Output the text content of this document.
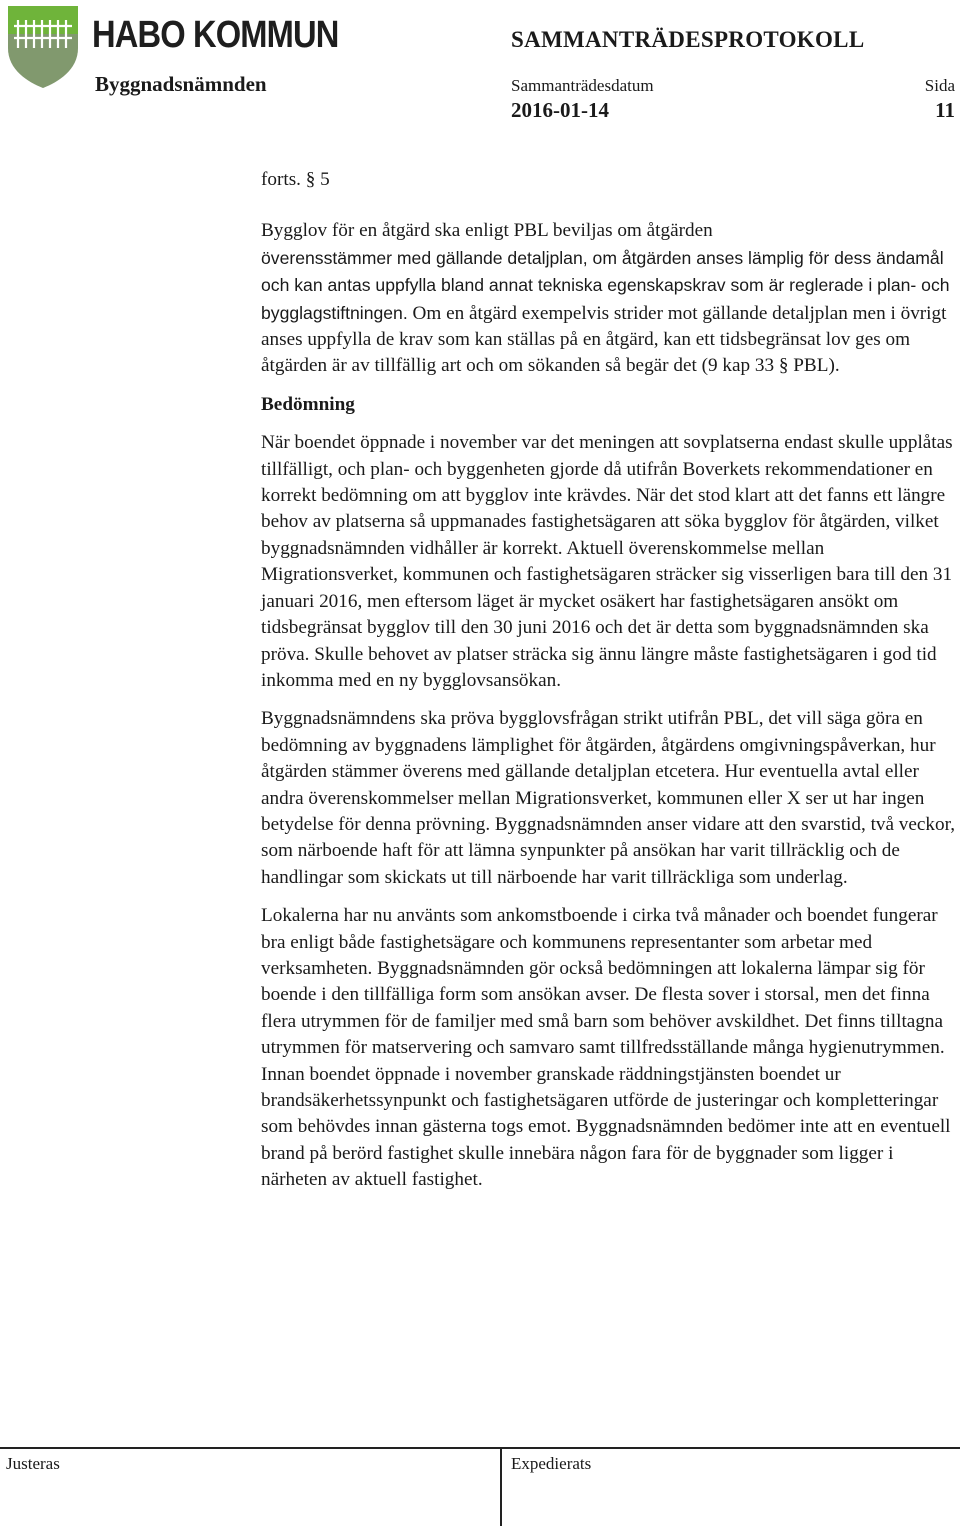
HABO KOMMUN
Byggnadsnämnden
SAMMANTRÄDESPROTOKOLL
Sammanträdesdatum
2016-01-14
Sida
11

forts. § 5

Bygglov för en åtgärd ska enligt PBL beviljas om åtgärden
överensstämmer med gällande detaljplan, om åtgärden anses lämplig för dess ändamål och kan antas uppfylla bland annat tekniska egenskapskrav som är reglerade i plan- och bygglagstiftningen. Om en åtgärd exempelvis strider mot gällande detaljplan men i övrigt anses uppfylla de krav som kan ställas på en åtgärd, kan ett tidsbegränsat lov ges om åtgärden är av tillfällig art och om sökanden så begär det (9 kap 33 § PBL).

Bedömning

När boendet öppnade i november var det meningen att sovplatserna endast skulle upplåtas tillfälligt, och plan- och byggenheten gjorde då utifrån Boverkets rekommendationer en korrekt bedömning om att bygglov inte krävdes. När det stod klart att det fanns ett längre behov av platserna så uppmanades fastighetsägaren att söka bygglov för åtgärden, vilket byggnadsnämnden vidhåller är korrekt. Aktuell överenskommelse mellan Migrationsverket, kommunen och fastighetsägaren sträcker sig visserligen bara till den 31 januari 2016, men eftersom läget är mycket osäkert har fastighetsägaren ansökt om tidsbegränsat bygglov till den 30 juni 2016 och det är detta som byggnadsnämnden ska pröva. Skulle behovet av platser sträcka sig ännu längre måste fastighetsägaren i god tid inkomma med en ny bygglovsansökan.

Byggnadsnämndens ska pröva bygglovsfrågan strikt utifrån PBL, det vill säga göra en bedömning av byggnadens lämplighet för åtgärden, åtgärdens omgivningspåverkan, hur åtgärden stämmer överens med gällande detaljplan etcetera. Hur eventuella avtal eller andra överenskommelser mellan Migrationsverket, kommunen eller X ser ut har ingen betydelse för denna prövning. Byggnadsnämnden anser vidare att den svarstid, två veckor, som närboende haft för att lämna synpunkter på ansökan har varit tillräcklig och de handlingar som skickats ut till närboende har varit tillräckliga som underlag.

Lokalerna har nu använts som ankomstboende i cirka två månader och boendet fungerar bra enligt både fastighetsägare och kommunens representanter som arbetar med verksamheten. Byggnadsnämnden gör också bedömningen att lokalerna lämpar sig för boende i den tillfälliga form som ansökan avser. De flesta sover i storsal, men det finna flera utrymmen för de familjer med små barn som behöver avskildhet. Det finns tilltagna utrymmen för matservering och samvaro samt tillfredsställande många hygienutrymmen. Innan boendet öppnade i november granskade räddningstjänsten boendet ur brandsäkerhetssynpunkt och fastighetsägaren utförde de justeringar och kompletteringar som behövdes innan gästerna togs emot. Byggnadsnämnden bedömer inte att en eventuell brand på berörd fastighet skulle innebära någon fara för de byggnader som ligger i närheten av aktuell fastighet.

Justeras	Expedierats
